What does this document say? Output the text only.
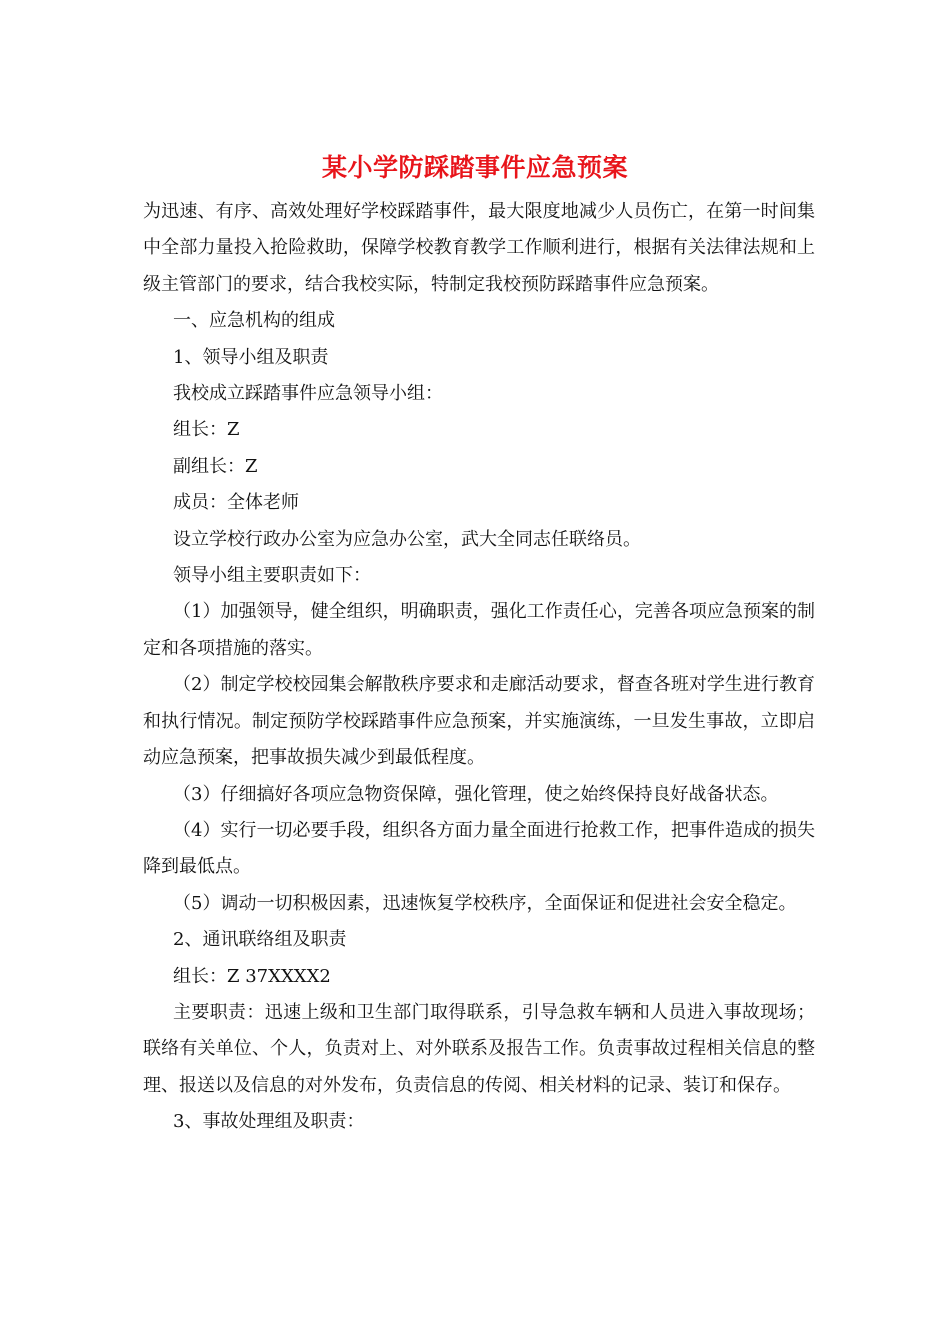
某小学防踩踏事件应急预案

为迅速、有序、高效处理好学校踩踏事件，最大限度地减少人员伤亡，在第一时间集中全部力量投入抢险救助，保障学校教育教学工作顺利进行，根据有关法律法规和上级主管部门的要求，结合我校实际，特制定我校预防踩踏事件应急预案。

一、应急机构的组成

1、领导小组及职责

我校成立踩踏事件应急领导小组：

组长：Z

副组长：Z

成员：全体老师

设立学校行政办公室为应急办公室，武大全同志任联络员。

领导小组主要职责如下：

（1）加强领导，健全组织，明确职责，强化工作责任心，完善各项应急预案的制定和各项措施的落实。

（2）制定学校校园集会解散秩序要求和走廊活动要求，督查各班对学生进行教育和执行情况。制定预防学校踩踏事件应急预案，并实施演练，一旦发生事故，立即启动应急预案，把事故损失减少到最低程度。

（3）仔细搞好各项应急物资保障，强化管理，使之始终保持良好战备状态。

（4）实行一切必要手段，组织各方面力量全面进行抢救工作，把事件造成的损失降到最低点。

（5）调动一切积极因素，迅速恢复学校秩序，全面保证和促进社会安全稳定。

2、通讯联络组及职责

组长：Z 37XXXX2

主要职责：迅速上级和卫生部门取得联系，引导急救车辆和人员进入事故现场；联络有关单位、个人，负责对上、对外联系及报告工作。负责事故过程相关信息的整理、报送以及信息的对外发布，负责信息的传阅、相关材料的记录、装订和保存。

3、事故处理组及职责：
